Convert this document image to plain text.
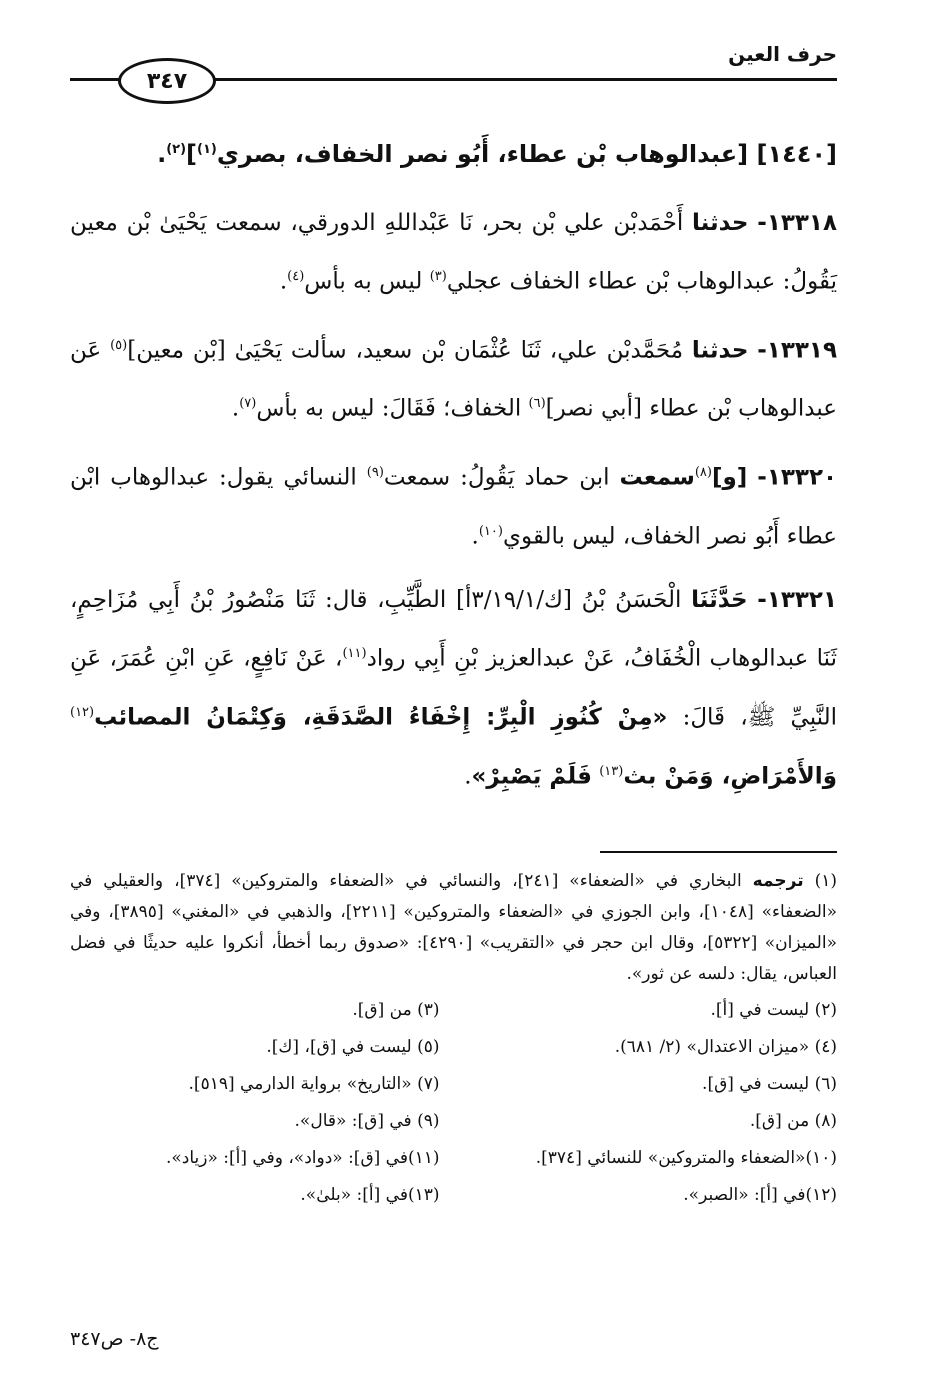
حرف العين
٣٤٧
[١٤٤٠] [عبدالوهاب بْن عطاء، أَبُو نصر الخفاف، بصري$^{(١)}$]$^{(٢)}$.

١٣٣١٨- حدثنا أَحْمَدبْن علي بْن بحر، نَا عَبْداللهِ الدورقي، سمعت يَحْيَىٰ بْن معين يَقُولُ: عبدالوهاب بْن عطاء الخفاف عجلي$^{(٣)}$ ليس به بأس$^{(٤)}$.

١٣٣١٩- حدثنا مُحَمَّدبْن علي، ثَنَا عُثْمَان بْن سعيد، سألت يَحْيَىٰ [بْن معين]$^{(٥)}$ عَن عبدالوهاب بْن عطاء [أبي نصر]$^{(٦)}$ الخفاف؛ فَقَالَ: ليس به بأس$^{(٧)}$.

١٣٣٢٠- [و]$^{(٨)}$سمعت ابن حماد يَقُولُ: سمعت$^{(٩)}$ النسائي يقول: عبدالوهاب ابْن عطاء أَبُو نصر الخفاف، ليس بالقوي$^{(١٠)}$.

١٣٣٢١- حَدَّثَنَا الْحَسَنُ بْنُ [ك/٣/١٩/١أ] الطَّيِّبِ، قال: ثَنَا مَنْصُورُ بْنُ أَبِي مُزَاحِمٍ، ثَنَا عبدالوهاب الْخُفَافُ، عَنْ عبدالعزيز بْنِ أَبِي رواد$^{(١١)}$، عَنْ نَافِعٍ، عَنِ ابْنِ عُمَرَ، عَنِ النَّبِيِّ ﷺ، قَالَ: «مِنْ كُنُوزِ الْبِرِّ: إِخْفَاءُ الصَّدَقَةِ، وَكِتْمَانُ المصائب$^{(١٢)}$ وَالأَمْرَاضِ، وَمَنْ بث$^{(١٣)}$ فَلَمْ يَصْبِرْ».

(١) ترجمه البخاري في «الضعفاء» [٢٤١]، والنسائي في «الضعفاء والمتروكين» [٣٧٤]، والعقيلي في «الضعفاء» [١٠٤٨]، وابن الجوزي في «الضعفاء والمتروكين» [٢٢١١]، والذهبي في «المغني» [٣٨٩٥]، وفي «الميزان» [٥٣٢٢]، وقال ابن حجر في «التقريب» [٤٢٩٠]: «صدوق ربما أخطأ، أنكروا عليه حديثًا في فضل العباس، يقال: دلسه عن ثور».
(٢) ليست في [أ].
(٣) من [ق].
(٤) «ميزان الاعتدال» (٢/ ٦٨١).
(٥) ليست في [ق]، [ك].
(٦) ليست في [ق].
(٧) «التاريخ» برواية الدارمي [٥١٩].
(٨) من [ق].
(٩) في [ق]: «قال».
(١٠)«الضعفاء والمتروكين» للنسائي [٣٧٤].
(١١)في [ق]: «دواد»، وفي [أ]: «زياد».
(١٢)في [أ]: «الصبر».
(١٣)في [أ]: «بلىٰ».
ج٨- ص٣٤٧
